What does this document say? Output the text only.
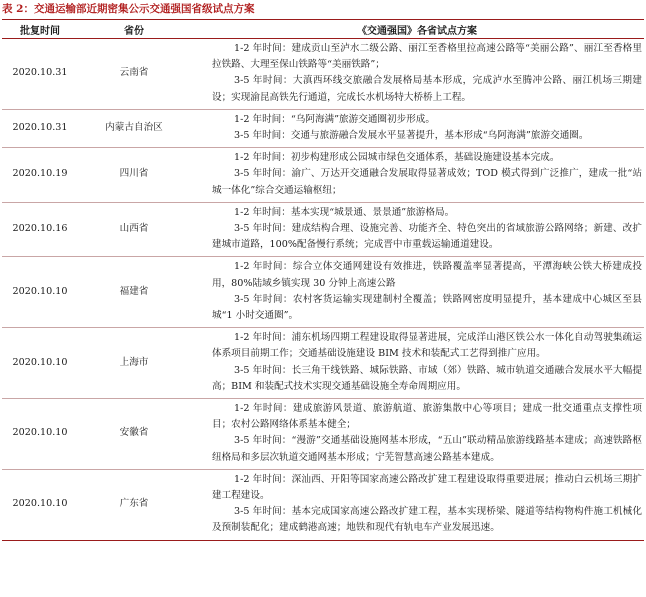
表 2：交通运输部近期密集公示交通强国省级试点方案
批复时间	省份	《交通强国》各省试点方案
2020.10.31	云南省	1-2 年时间：建成贡山至泸水二级公路、丽江至香格里拉高速公路等“美丽公路”、丽江至香格里拉铁路、大理至保山铁路等“美丽铁路”；
3-5 年时间：大滇西环线交旅融合发展格局基本形成，完成泸水至腾冲公路、丽江机场三期建设；实现渝昆高铁先行通道，完成长水机场特大桥桥上工程。

2020.10.31	内蒙古自治区	1-2 年时间：“乌阿海满”旅游交通圈初步形成。
3-5 年时间：交通与旅游融合发展水平显著提升，基本形成“乌阿海满”旅游交通圈。

2020.10.19	四川省	1-2 年时间：初步构建形成公园城市绿色交通体系，基础设施建设基本完成。
3-5 年时间：渝广、万达开交通融合发展取得显著成效；TOD 模式得到广泛推广，建成一批“站城一体化”综合交通运输枢纽；

2020.10.16	山西省	1-2 年时间：基本实现“城景通、景景通”旅游格局。
3-5 年时间：建成结构合理、设施完善、功能齐全、特色突出的省域旅游公路网络；新建、改扩建城市道路，100%配备慢行系统；完成晋中市重载运输通道建设。

2020.10.10	福建省	1-2 年时间：综合立体交通网建设有效推进，铁路覆盖率显著提高，平潭海峡公铁大桥建成投用，80%陆域乡镇实现 30 分钟上高速公路
3-5 年时间：农村客货运输实现建制村全覆盖；铁路网密度明显提升，基本建成中心城区至县城“1 小时交通圈”。

2020.10.10	上海市	1-2 年时间：浦东机场四期工程建设取得显著进展，完成洋山港区铁公水一体化自动驾驶集疏运体系项目前期工作；交通基础设施建设 BIM 技术和装配式工艺得到推广应用。
3-5 年时间：长三角干线铁路、城际铁路、市域（郊）铁路、城市轨道交通融合发展水平大幅提高；BIM 和装配式技术实现交通基础设施全寿命周期应用。

2020.10.10	安徽省	1-2 年时间：建成旅游风景道、旅游航道、旅游集散中心等项目；建成一批交通重点支撑性项目；农村公路网络体系基本健全；
3-5 年时间：“漫游”交通基础设施网基本形成，“五山”联动精品旅游线路基本建成；高速铁路枢纽格局和多层次轨道交通网基本形成；宁芜智慧高速公路基本建成。

2020.10.10	广东省	1-2 年时间：深汕西、开阳等国家高速公路改扩建工程建设取得重要进展；推动白云机场三期扩建工程建设。
3-5 年时间：基本完成国家高速公路改扩建工程，基本实现桥梁、隧道等结构物构件施工机械化及预制装配化；建成鹤港高速；地铁和现代有轨电车产业发展迅速。
